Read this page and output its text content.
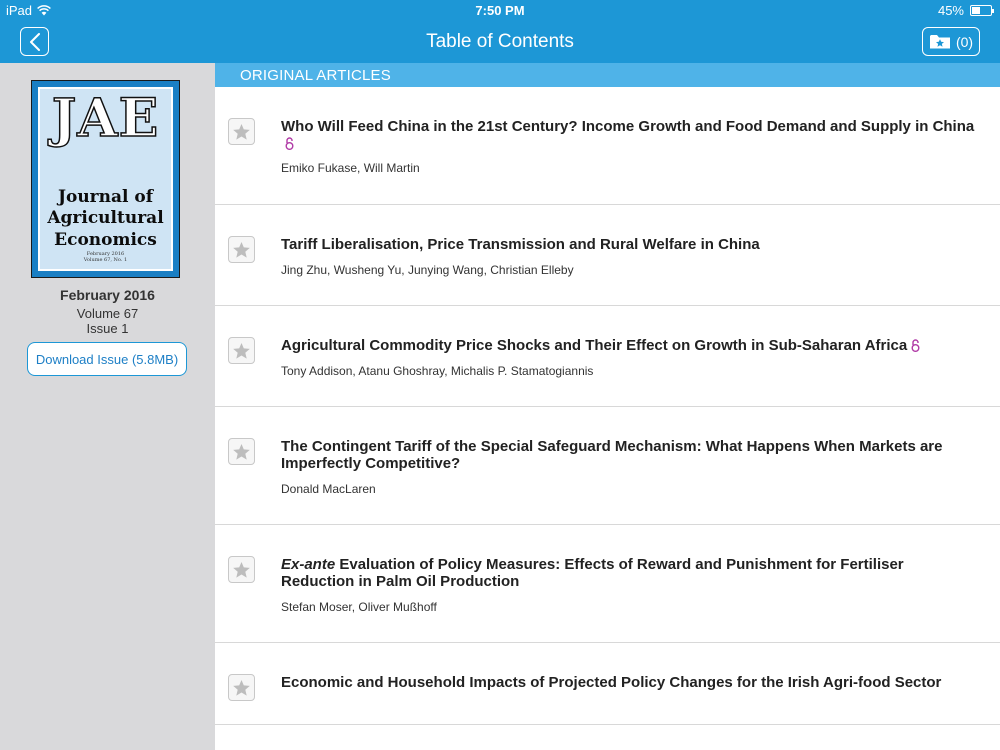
iPad	7:50 PM	45%
Table of Contents	(0)
JAE
Journal of Agricultural Economics
February 2016
Volume 67, No. 1
February 2016
Volume 67
Issue 1
Download Issue (5.8MB)
ORIGINAL ARTICLES
Who Will Feed China in the 21st Century? Income Growth and Food Demand and Supply in China
Emiko Fukase, Will Martin
Tariff Liberalisation, Price Transmission and Rural Welfare in China
Jing Zhu, Wusheng Yu, Junying Wang, Christian Elleby
Agricultural Commodity Price Shocks and Their Effect on Growth in Sub-Saharan Africa
Tony Addison, Atanu Ghoshray, Michalis P. Stamatogiannis
The Contingent Tariff of the Special Safeguard Mechanism: What Happens When Markets are Imperfectly Competitive?
Donald MacLaren
Ex-ante Evaluation of Policy Measures: Effects of Reward and Punishment for Fertiliser Reduction in Palm Oil Production
Stefan Moser, Oliver Mußhoff
Economic and Household Impacts of Projected Policy Changes for the Irish Agri-food Sector
